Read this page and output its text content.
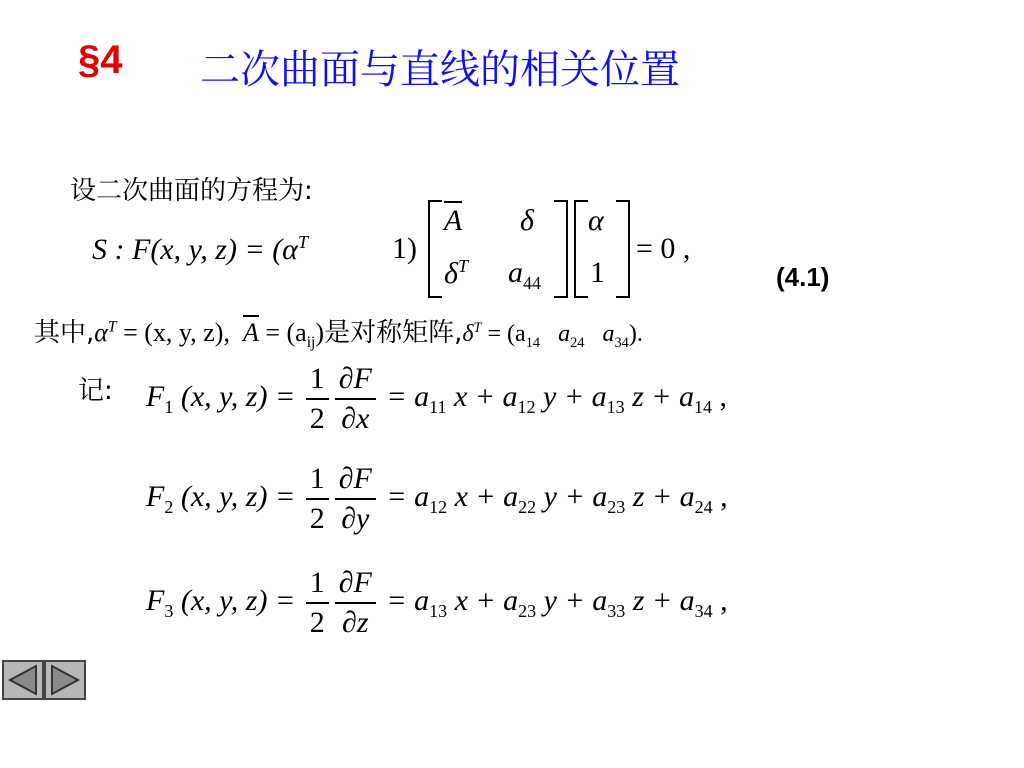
§4 二次曲面与直线的相关位置
设二次曲面的方程为:
S : F(x, y, $z) = (\alpha^T$	1)
A δ
$\delta^T$ $a_{44}$
α
1
= 0 ,
(4.1)
其中$,\alpha^T = (x$, y, z), $A = (a_{ij})$是对称矩阵$,\delta^T = (a_{14}$ $a_{24}$ $a_{34}$).
记: $F_1$ (x, y, $z) = \frac{1}{2} \frac{\partial F}{\partial x} = a_{11}$ $x + a_{12}$ $y + a_{13}$ $z + a_{14}$ ,
$F_2$ (x, y, $z) = \frac{1}{2} \frac{\partial F}{\partial y} = a_{12}$ $x + a_{22}$ $y + a_{23}$ $z + a_{24}$ ,
$F_3$ (x, y, $z) = \frac{1}{2} \frac{\partial F}{\partial z} = a_{13}$ $x + a_{23}$ $y + a_{33}$ $z + a_{34}$ ,
